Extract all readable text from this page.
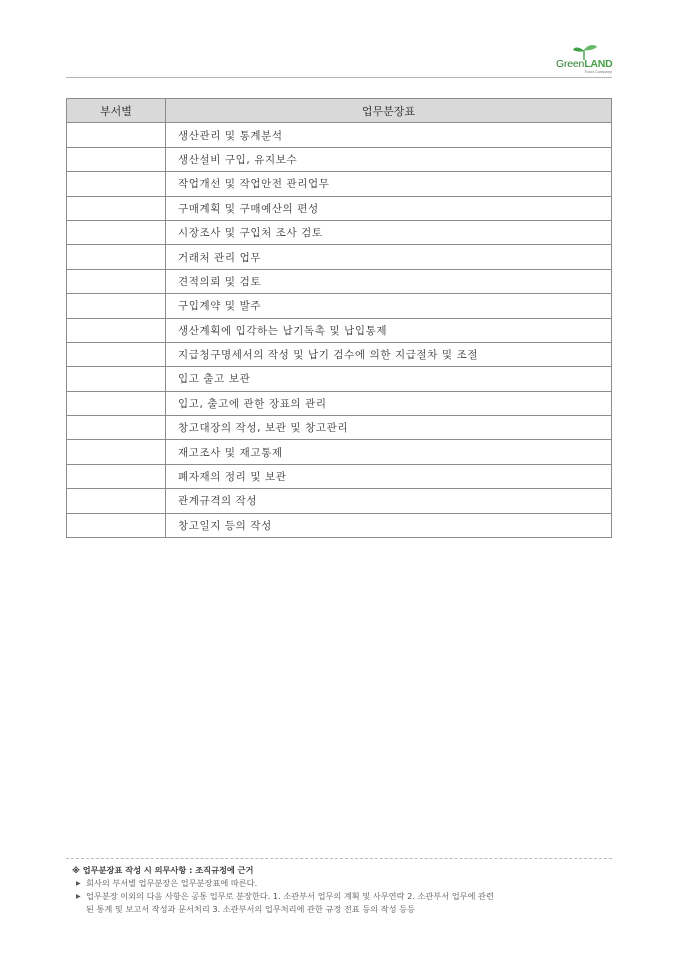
GreenLAND
Food Company
부서별	업무분장표
	생산관리 및 통계분석
	생산설비 구입, 유지보수
	작업개선 및 작업안전 관리업무
	구매계획 및 구매예산의 편성
	시장조사 및 구입처 조사 검토
	거래처 관리 업무
	견적의뢰 및 검토
	구입계약 및 발주
	생산계획에 입각하는 납기독촉 및 납입통제
	지급청구명세서의 작성 및 납기 검수에 의한 지급절차 및 조절
	입고 출고 보관
	입고, 출고에 관한 장표의 관리
	창고대장의 작성, 보관 및 창고관리
	재고조사 및 재고통제
	폐자재의 정리 및 보관
	관계규격의 작성
	창고일지 등의 작성
※ 업무분장표 작성 시 의무사항 : 조직규정에 근거
▶ 회사의 부서별 업무분장은 업무분장표에 따른다.
▶ 업무분장 이외의 다음 사항은 공통 업무로 분장한다. 1. 소관부서 업무의 계획 및 사무연락 2. 소관부서 업무에 관련
된 통계 및 보고서 작성과 문서처리 3. 소관부서의 업무처리에 관한 규정 전표 등의 작성 등등
